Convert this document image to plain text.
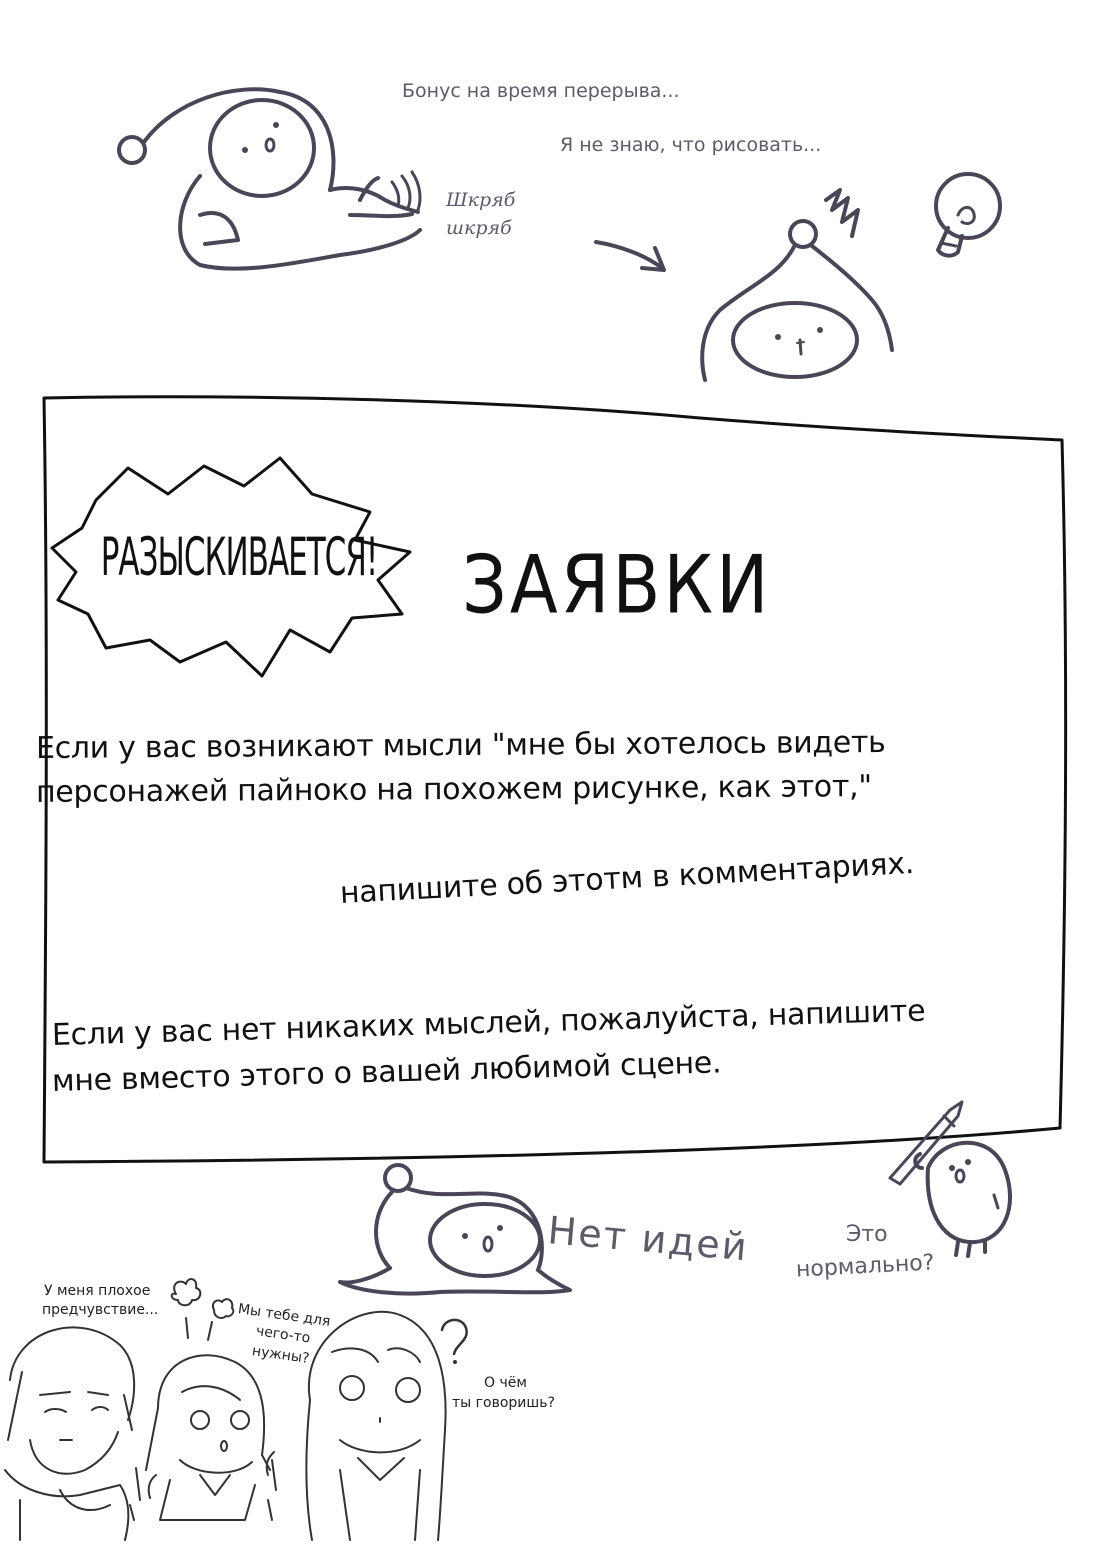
Бонус на время перерыва...
Я не знаю, что рисовать...
Шкряб
шкряб
РАЗЫСКИВАЕТСЯ! ЗАЯВКИ
Если у вас возникают мысли "мне бы хотелось видеть
персонажей пайноко на похожем рисунке, как этот,"
напишите об этотм в комментариях.
Если у вас нет никаких мыслей, пожалуйста, напишите
мне вместо этого о вашей любимой сцене.
Нет идей	Это
нормально?
У меня плохое
предчувствие...	Мы тебе для
чего-то
нужны?
О чём
ты говоришь?
